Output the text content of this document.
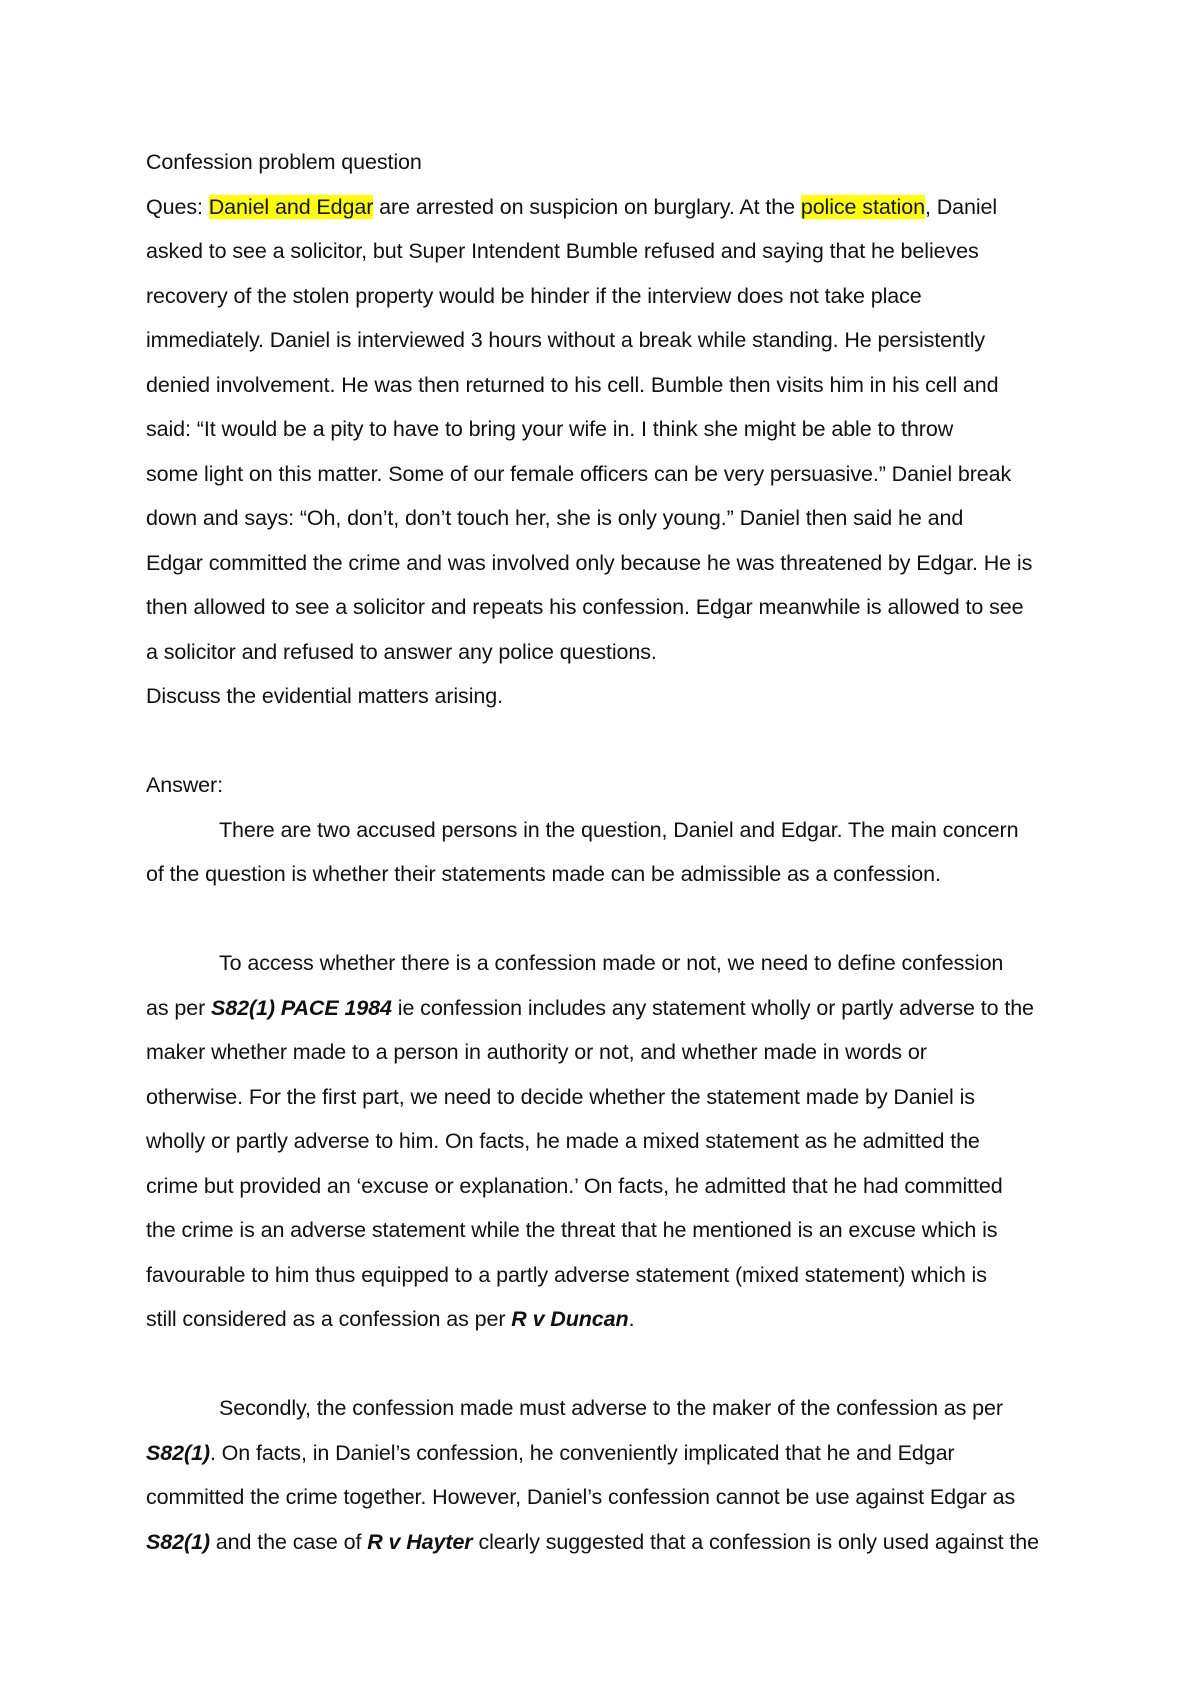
Confession problem question
Ques: Daniel and Edgar are arrested on suspicion on burglary. At the police station, Daniel
asked to see a solicitor, but Super Intendent Bumble refused and saying that he believes
recovery of the stolen property would be hinder if the interview does not take place
immediately. Daniel is interviewed 3 hours without a break while standing. He persistently
denied involvement. He was then returned to his cell. Bumble then visits him in his cell and
said: “It would be a pity to have to bring your wife in. I think she might be able to throw
some light on this matter. Some of our female officers can be very persuasive.” Daniel break
down and says: “Oh, don’t, don’t touch her, she is only young.” Daniel then said he and
Edgar committed the crime and was involved only because he was threatened by Edgar. He is
then allowed to see a solicitor and repeats his confession. Edgar meanwhile is allowed to see
a solicitor and refused to answer any police questions.
Discuss the evidential matters arising.
Answer:
There are two accused persons in the question, Daniel and Edgar. The main concern
of the question is whether their statements made can be admissible as a confession.
To access whether there is a confession made or not, we need to define confession
as per S82(1) PACE 1984 ie confession includes any statement wholly or partly adverse to the
maker whether made to a person in authority or not, and whether made in words or
otherwise. For the first part, we need to decide whether the statement made by Daniel is
wholly or partly adverse to him. On facts, he made a mixed statement as he admitted the
crime but provided an ‘excuse or explanation.’ On facts, he admitted that he had committed
the crime is an adverse statement while the threat that he mentioned is an excuse which is
favourable to him thus equipped to a partly adverse statement (mixed statement) which is
still considered as a confession as per R v Duncan.
Secondly, the confession made must adverse to the maker of the confession as per
S82(1). On facts, in Daniel’s confession, he conveniently implicated that he and Edgar
committed the crime together. However, Daniel’s confession cannot be use against Edgar as
S82(1) and the case of R v Hayter clearly suggested that a confession is only used against the
